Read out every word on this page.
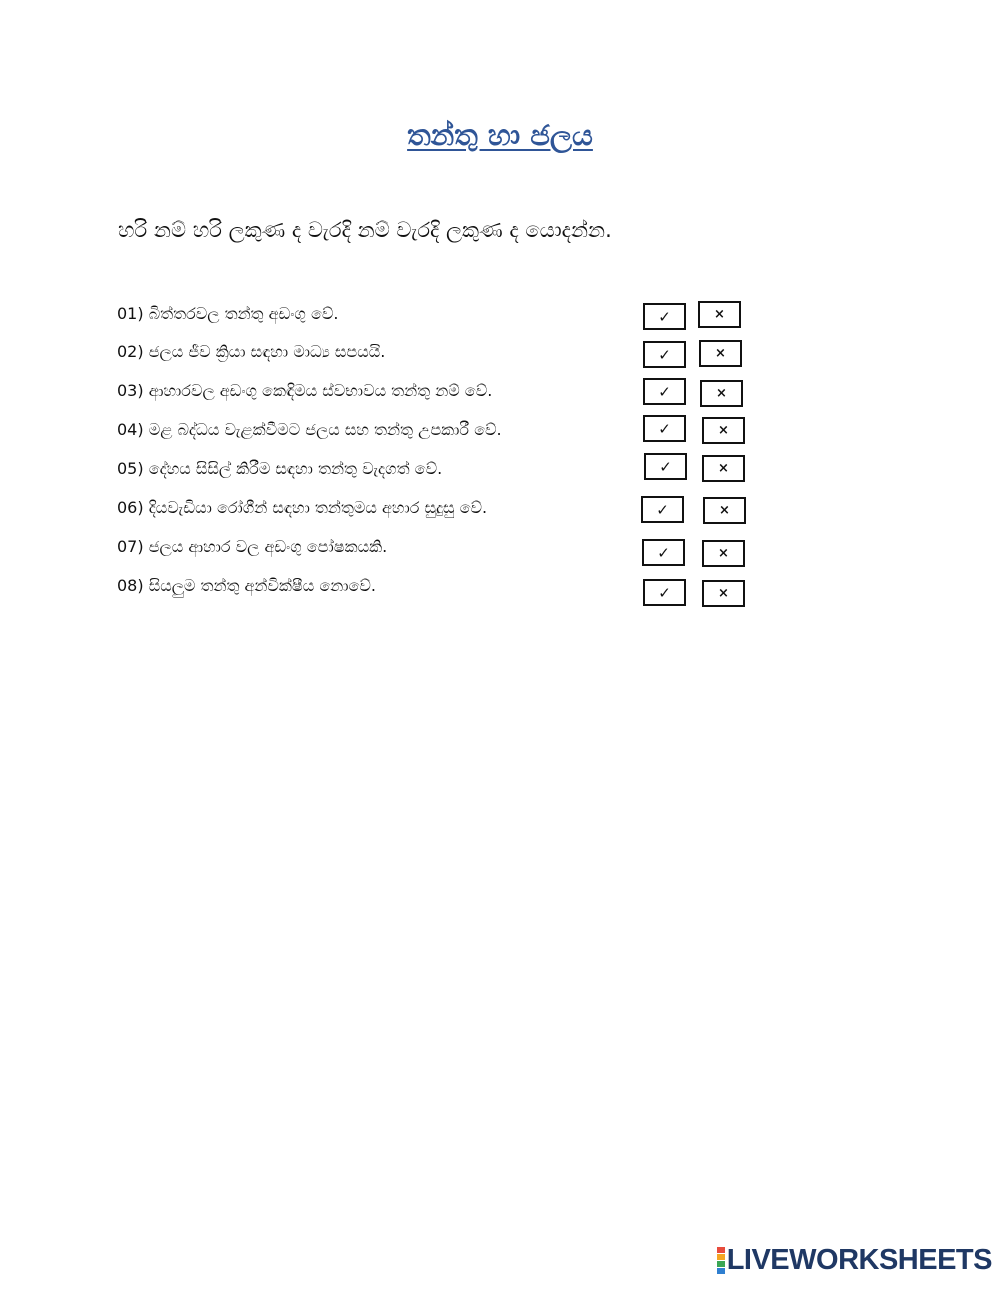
තන්තු හා ජලය

හරි නම් හරි ලකුණ ද වැරදි නම් වැරදි ලකුණ ද යොදන්න.

01) බිත්තරවල තන්තු අඩංගු වේ.	✓	×
02) ජලය ජීව ක්‍රියා සඳහා මාධ්‍ය සපයයි.	✓	×
03) ආහාරවල අඩංගු කෙඳිමය ස්වභාවය තන්තු නම් වේ.	✓	×
04) මළ බද්ධය වැළක්වීමට ජලය සහ තන්තු උපකාරී වේ.	✓	×
05) දේහය සිසිල් කිරීම සඳහා තන්තු වැදගත් වේ.	✓	×
06) දියවැඩියා රෝගීන් සඳහා තන්තුමය අහාර සුදුසු වේ.	✓	×
07) ජලය ආහාර වල අඩංගු පෝෂකයකි.	✓	×
08) සියලුම තන්තු අන්වික්ෂීය නොවේ.	✓	×
LIVEWORKSHEETS
